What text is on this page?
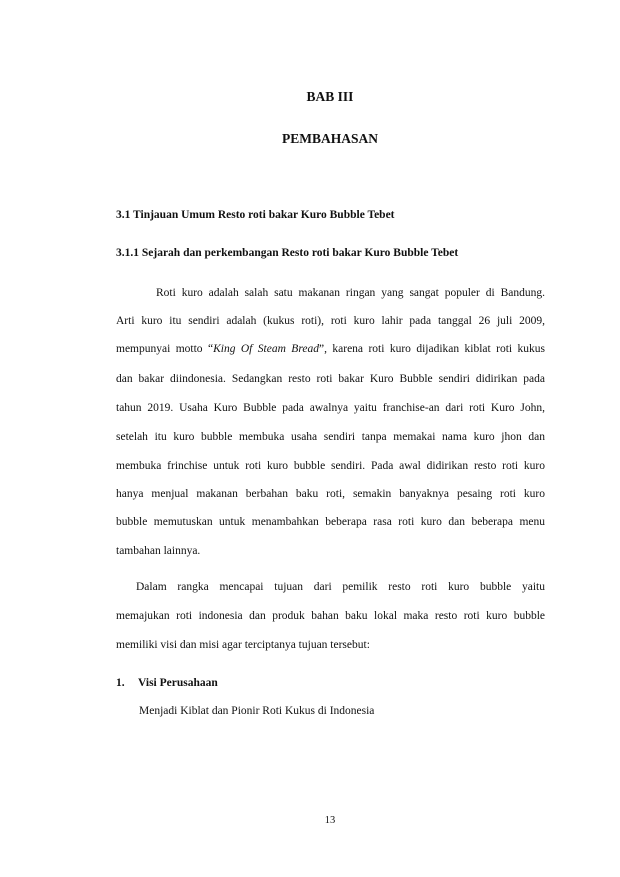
BAB III
PEMBAHASAN
3.1 Tinjauan Umum Resto roti bakar Kuro Bubble Tebet
3.1.1 Sejarah dan perkembangan Resto roti bakar Kuro Bubble Tebet
Roti kuro adalah salah satu makanan ringan yang sangat populer di Bandung.
Arti kuro itu sendiri adalah (kukus roti), roti kuro lahir pada tanggal 26 juli 2009,
mempunyai motto “King Of Steam Bread”, karena roti kuro dijadikan kiblat roti kukus
dan bakar diindonesia. Sedangkan resto roti bakar Kuro Bubble sendiri didirikan pada
tahun 2019. Usaha Kuro Bubble pada awalnya yaitu franchise-an dari roti Kuro John,
setelah itu kuro bubble membuka usaha sendiri tanpa memakai nama kuro jhon dan
membuka frinchise untuk roti kuro bubble sendiri. Pada awal didirikan resto roti kuro
hanya menjual makanan berbahan baku roti, semakin banyaknya pesaing roti kuro
bubble memutuskan untuk menambahkan beberapa rasa roti kuro dan beberapa menu
tambahan lainnya.
Dalam rangka mencapai tujuan dari pemilik resto roti kuro bubble yaitu
memajukan roti indonesia dan produk bahan baku lokal maka resto roti kuro bubble
memiliki visi dan misi agar terciptanya tujuan tersebut:
1. Visi Perusahaan
Menjadi Kiblat dan Pionir Roti Kukus di Indonesia
13
